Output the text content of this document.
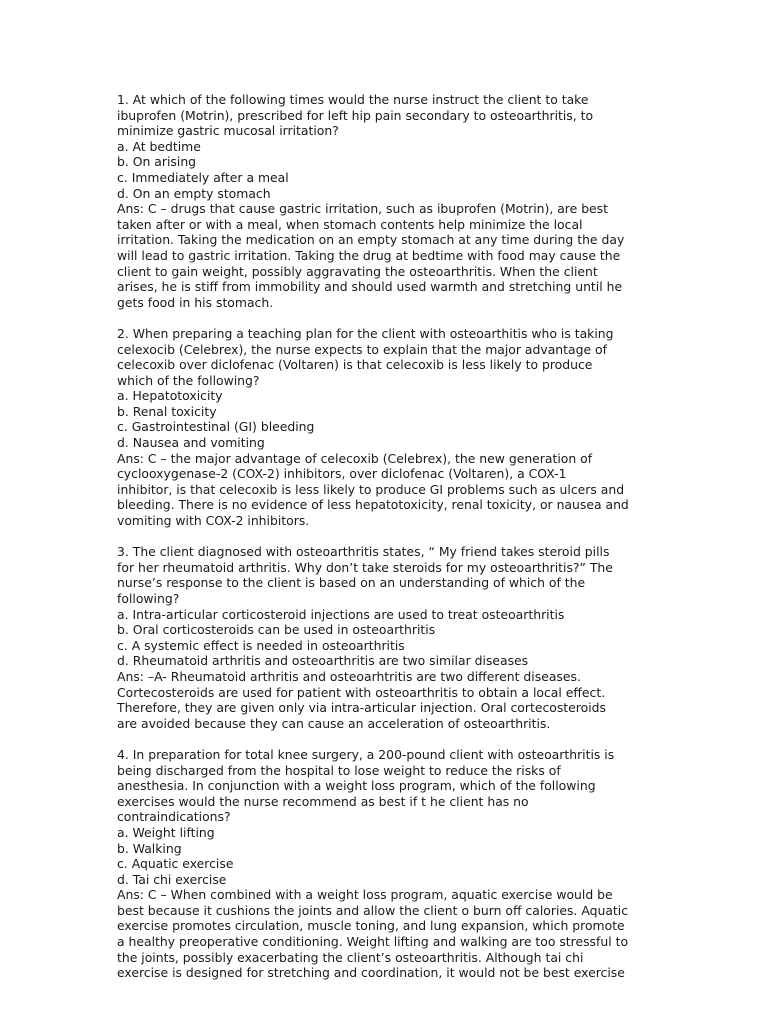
1. At which of the following times would the nurse instruct the client to take
ibuprofen (Motrin), prescribed for left hip pain secondary to osteoarthritis, to
minimize gastric mucosal irritation?
a. At bedtime
b. On arising
c. Immediately after a meal
d. On an empty stomach
Ans: C – drugs that cause gastric irritation, such as ibuprofen (Motrin), are best
taken after or with a meal, when stomach contents help minimize the local
irritation. Taking the medication on an empty stomach at any time during the day
will lead to gastric irritation. Taking the drug at bedtime with food may cause the
client to gain weight, possibly aggravating the osteoarthritis. When the client
arises, he is stiff from immobility and should used warmth and stretching until he
gets food in his stomach.
2. When preparing a teaching plan for the client with osteoarthitis who is taking
celexocib (Celebrex), the nurse expects to explain that the major advantage of
celecoxib over diclofenac (Voltaren) is that celecoxib is less likely to produce
which of the following?
a. Hepatotoxicity
b. Renal toxicity
c. Gastrointestinal (GI) bleeding
d. Nausea and vomiting
Ans: C – the major advantage of celecoxib (Celebrex), the new generation of
cyclooxygenase-2 (COX-2) inhibitors, over diclofenac (Voltaren), a COX-1
inhibitor, is that celecoxib is less likely to produce GI problems such as ulcers and
bleeding. There is no evidence of less hepatotoxicity, renal toxicity, or nausea and
vomiting with COX-2 inhibitors.
3. The client diagnosed with osteoarthritis states, “ My friend takes steroid pills
for her rheumatoid arthritis. Why don’t take steroids for my osteoarthritis?” The
nurse’s response to the client is based on an understanding of which of the
following?
a. Intra-articular corticosteroid injections are used to treat osteoarthritis
b. Oral corticosteroids can be used in osteoarthritis
c. A systemic effect is needed in osteoarthritis
d. Rheumatoid arthritis and osteoarthritis are two similar diseases
Ans: –A- Rheumatoid arthritis and osteoarhtritis are two different diseases.
Cortecosteroids are used for patient with osteoarthritis to obtain a local effect.
Therefore, they are given only via intra-articular injection. Oral cortecosteroids
are avoided because they can cause an acceleration of osteoarthritis.
4. In preparation for total knee surgery, a 200-pound client with osteoarthritis is
being discharged from the hospital to lose weight to reduce the risks of
anesthesia. In conjunction with a weight loss program, which of the following
exercises would the nurse recommend as best if t he client has no
contraindications?
a. Weight lifting
b. Walking
c. Aquatic exercise
d. Tai chi exercise
Ans: C – When combined with a weight loss program, aquatic exercise would be
best because it cushions the joints and allow the client o burn off calories. Aquatic
exercise promotes circulation, muscle toning, and lung expansion, which promote
a healthy preoperative conditioning. Weight lifting and walking are too stressful to
the joints, possibly exacerbating the client’s osteoarthritis. Although tai chi
exercise is designed for stretching and coordination, it would not be best exercise
